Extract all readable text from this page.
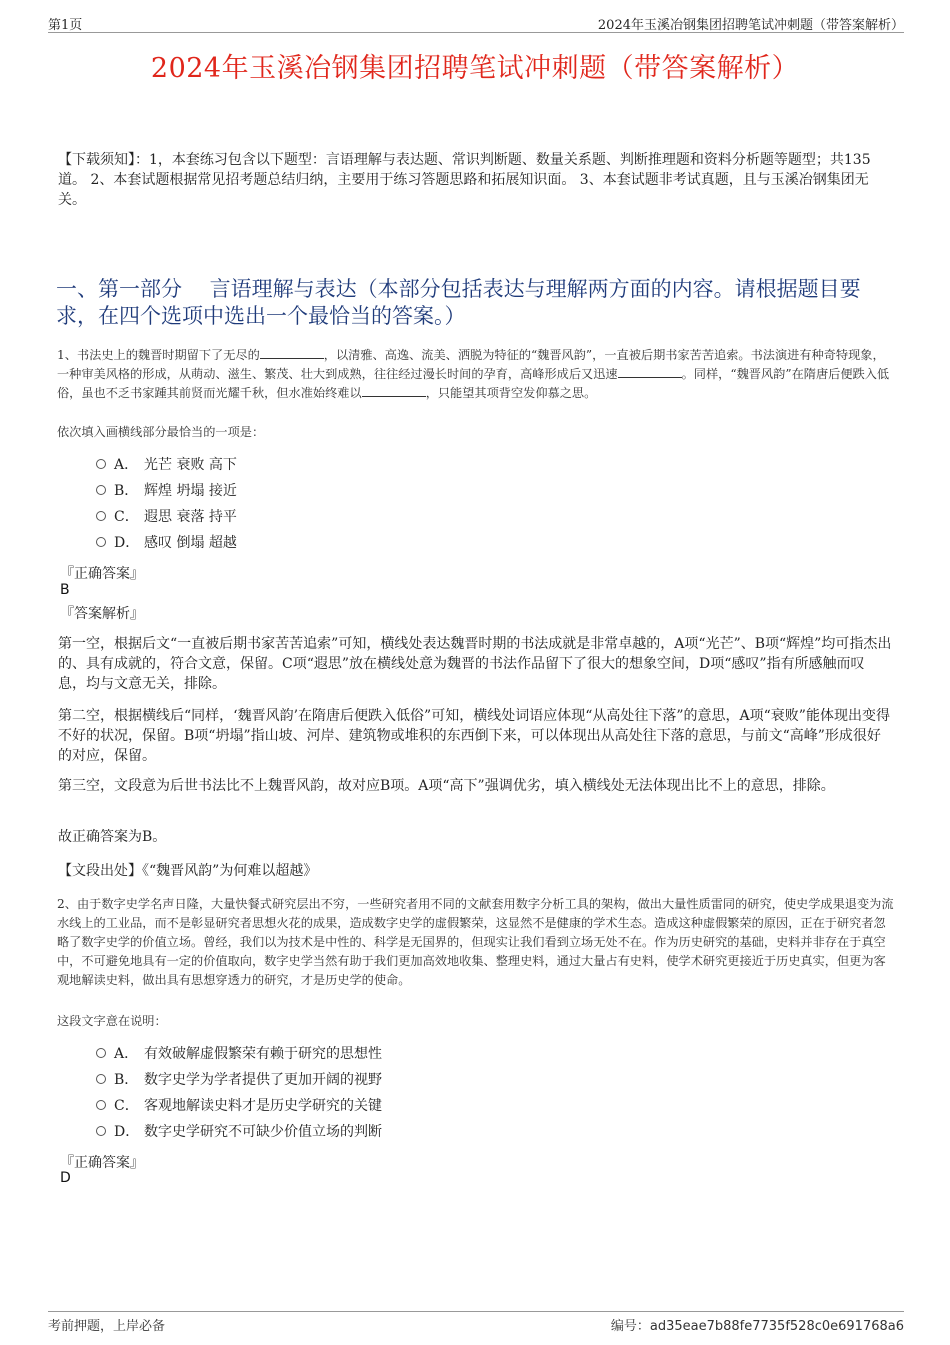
第1页	2024年玉溪冶钢集团招聘笔试冲刺题（带答案解析）
2024年玉溪冶钢集团招聘笔试冲刺题（带答案解析）
【下载须知】：1，本套练习包含以下题型：言语理解与表达题、常识判断题、数量关系题、判断推理题和资料分析题等题型；共135道。 2、本套试题根据常见招考题总结归纳，主要用于练习答题思路和拓展知识面。 3、本套试题非考试真题，且与玉溪冶钢集团无关。
一、第一部分　 言语理解与表达（本部分包括表达与理解两方面的内容。请根据题目要求，在四个选项中选出一个最恰当的答案。）
1、书法史上的魏晋时期留下了无尽的	，以清雅、高逸、流美、洒脱为特征的“魏晋风韵”，一直被后期书家苦苦追索。书法演进有种奇特现象，一种审美风格的形成，从萌动、滋生、繁茂、壮大到成熟，往往经过漫长时间的孕育，高峰形成后又迅速	。同样，“魏晋风韵”在隋唐后便跌入低俗，虽也不乏书家踵其前贤而光耀千秋，但水准始终难以	，只能望其项背空发仰慕之思。
依次填入画横线部分最恰当的一项是：
A． 光芒 衰败 高下
B． 辉煌 坍塌 接近
C． 遐思 衰落 持平
D． 感叹 倒塌 超越
『正确答案』
B
『答案解析』
第一空，根据后文“一直被后期书家苦苦追索”可知，横线处表达魏晋时期的书法成就是非常卓越的，A项“光芒”、B项“辉煌”均可指杰出的、具有成就的，符合文意，保留。C项“遐思”放在横线处意为魏晋的书法作品留下了很大的想象空间，D项“感叹”指有所感触而叹息，均与文意无关，排除。
第二空，根据横线后“同样，‘魏晋风韵’在隋唐后便跌入低俗”可知，横线处词语应体现“从高处往下落”的意思，A项“衰败”能体现出变得不好的状况，保留。B项“坍塌”指山坡、河岸、建筑物或堆积的东西倒下来，可以体现出从高处往下落的意思，与前文“高峰”形成很好的对应，保留。
第三空，文段意为后世书法比不上魏晋风韵，故对应B项。A项“高下”强调优劣，填入横线处无法体现出比不上的意思，排除。
故正确答案为B。
【文段出处】《“魏晋风韵”为何难以超越》
2、由于数字史学名声日隆，大量快餐式研究层出不穷，一些研究者用不同的文献套用数字分析工具的架构，做出大量性质雷同的研究，使史学成果退变为流水线上的工业品，而不是彰显研究者思想火花的成果，造成数字史学的虚假繁荣，这显然不是健康的学术生态。造成这种虚假繁荣的原因，正在于研究者忽略了数字史学的价值立场。曾经，我们以为技术是中性的、科学是无国界的，但现实让我们看到立场无处不在。作为历史研究的基础，史料并非存在于真空中，不可避免地具有一定的价值取向，数字史学当然有助于我们更加高效地收集、整理史料，通过大量占有史料，使学术研究更接近于历史真实，但更为客观地解读史料，做出具有思想穿透力的研究，才是历史学的使命。
这段文字意在说明：
A． 有效破解虚假繁荣有赖于研究的思想性
B． 数字史学为学者提供了更加开阔的视野
C． 客观地解读史料才是历史学研究的关键
D． 数字史学研究不可缺少价值立场的判断
『正确答案』
D
考前押题，上岸必备	编号：ad35eae7b88fe7735f528c0e691768a6
